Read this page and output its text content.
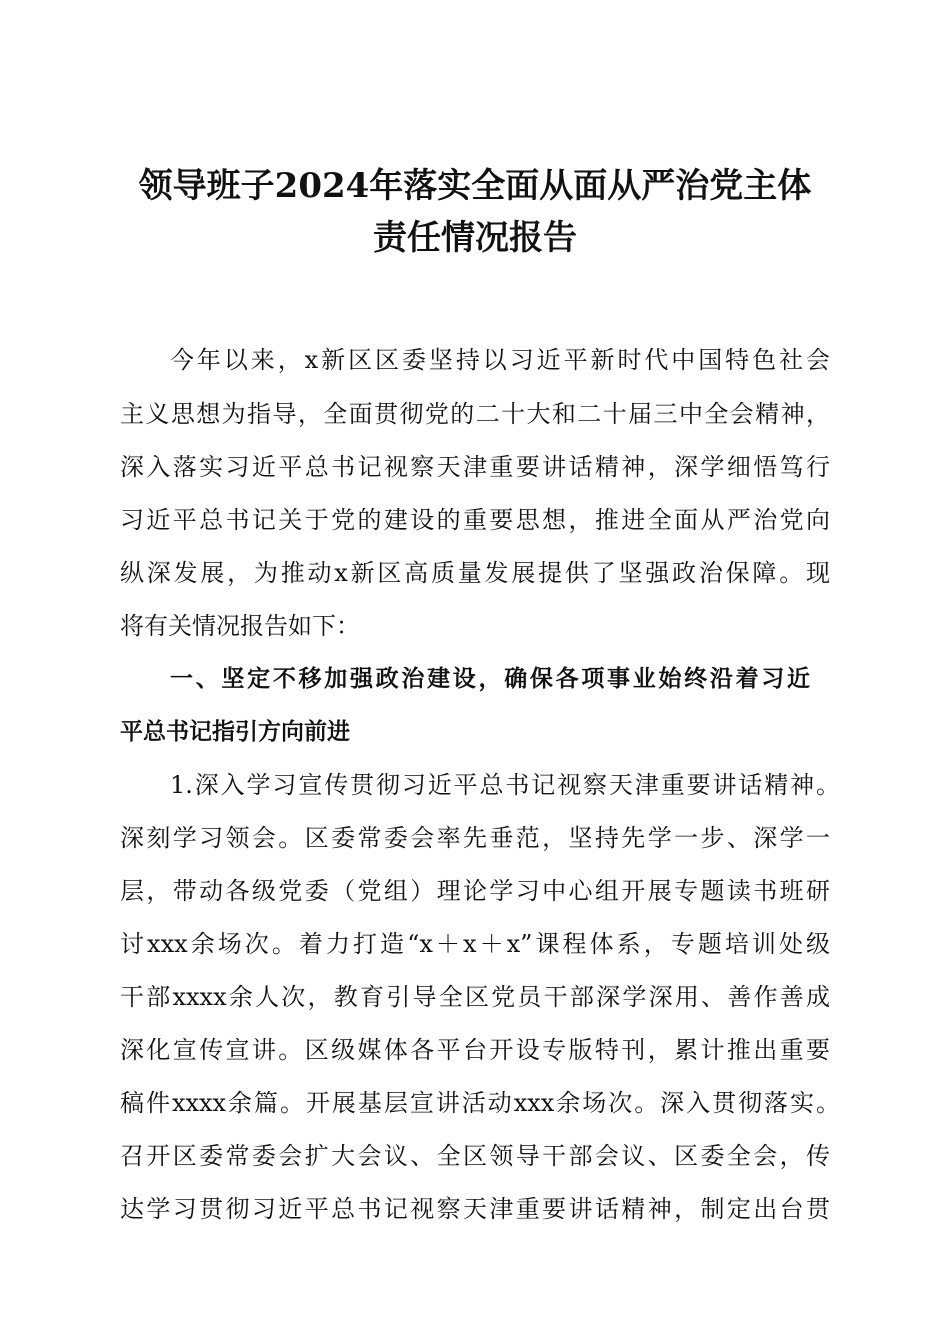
领导班子2024年落实全面从面从严治党主体
责任情况报告
今年以来，x新区区委坚持以习近平新时代中国特色社会
主义思想为指导，全面贯彻党的二十大和二十届三中全会精神，
深入落实习近平总书记视察天津重要讲话精神，深学细悟笃行
习近平总书记关于党的建设的重要思想，推进全面从严治党向
纵深发展，为推动x新区高质量发展提供了坚强政治保障。现
将有关情况报告如下：
一、坚定不移加强政治建设，确保各项事业始终沿着习近
平总书记指引方向前进
1.深入学习宣传贯彻习近平总书记视察天津重要讲话精神。
深刻学习领会。区委常委会率先垂范，坚持先学一步、深学一
层，带动各级党委（党组）理论学习中心组开展专题读书班研
讨xxx余场次。着力打造“x＋x＋x”课程体系，专题培训处级
干部xxxx余人次，教育引导全区党员干部深学深用、善作善成
深化宣传宣讲。区级媒体各平台开设专版特刊，累计推出重要
稿件xxxx余篇。开展基层宣讲活动xxx余场次。深入贯彻落实。
召开区委常委会扩大会议、全区领导干部会议、区委全会，传
达学习贯彻习近平总书记视察天津重要讲话精神，制定出台贯
